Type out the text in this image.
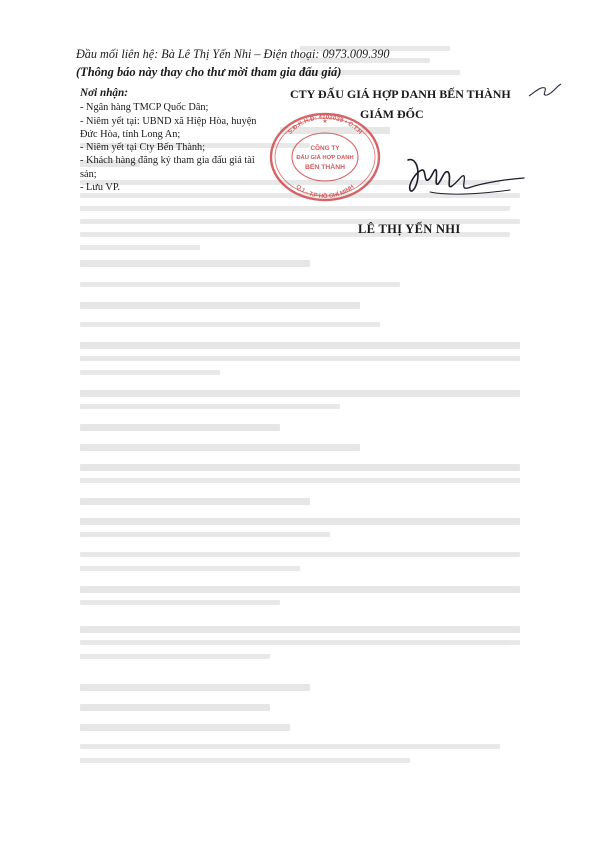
Đầu mối liên hệ: Bà Lê Thị Yến Nhi – Điện thoại: 0973.009.390
(Thông báo này thay cho thư mời tham gia đấu giá)
Nơi nhận:

- Ngân hàng TMCP Quốc Dân;

- Niêm yết tại: UBND xã Hiệp Hòa, huyện Đức Hòa, tỉnh Long An;

- Niêm yết tại Cty Bến Thành;

- Khách hàng đăng ký tham gia đấu giá tài sản;

- Lưu VP.

CTY ĐẤU GIÁ HỢP DANH BẾN THÀNH
GIÁM ĐỐC
S.Đ.K.H.Đ: 4102028 • C.T.H
Q.1 - T.P HỒ CHÍ MINH
CÔNG TY
ĐẤU GIÁ HỢP DANH
BẾN THÀNH
★
LÊ THỊ YẾN NHI
